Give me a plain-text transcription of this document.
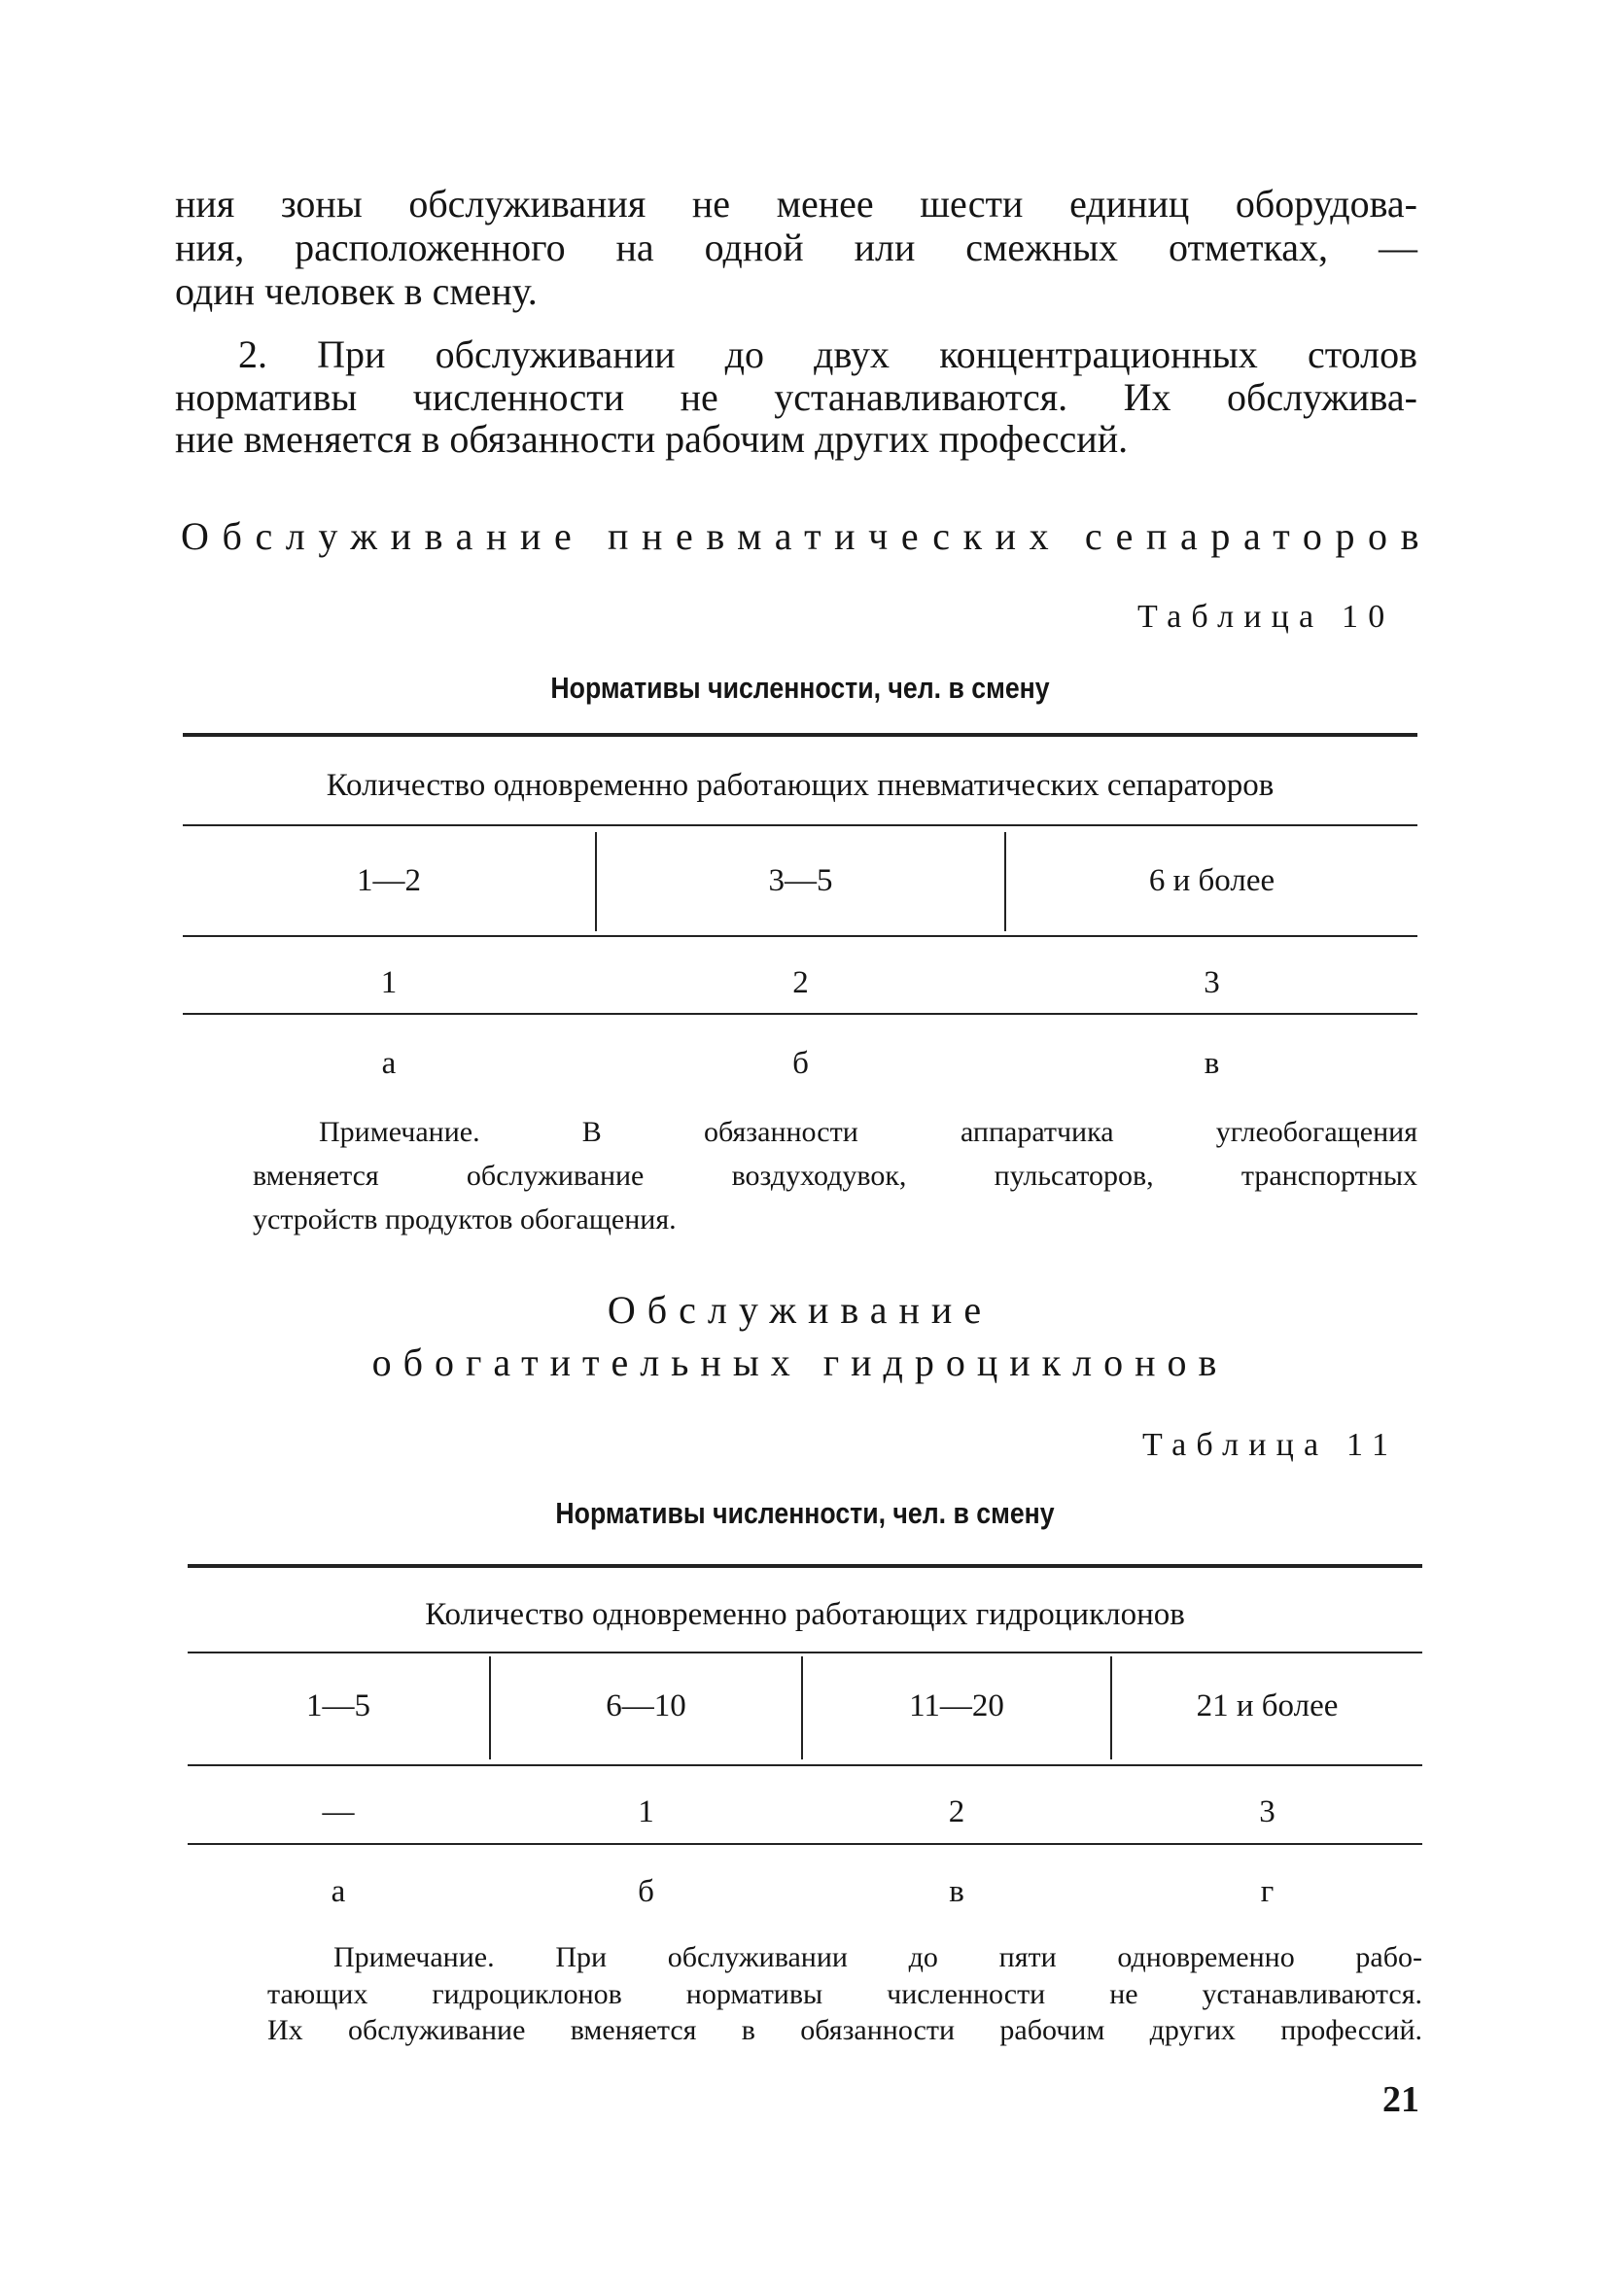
ния зоны обслуживания не менее шести единиц оборудова-
ния, расположенного на одной или смежных отметках, —
один человек в смену.
2. При обслуживании до двух концентрационных столов
нормативы численности не устанавливаются. Их обслужива-
ние вменяется в обязанности рабочим других профессий.
Обслуживание пневматических сепараторов
Таблица 10
Нормативы численности, чел. в смену
Количество одновременно работающих пневматических сепараторов
1—2	3—5	6 и более
1	2	3
а	б	в
Примечание. В обязанности аппаратчика углеобогащения
вменяется обслуживание воздуходувок, пульсаторов, транспортных
устройств продуктов обогащения.
Обслуживание
обогатительных гидроциклонов
Таблица 11
Нормативы численности, чел. в смену
Количество одновременно работающих гидроциклонов
1—5	6—10	11—20	21 и более
—	1	2	3
а	б	в	г
Примечание. При обслуживании до пяти одновременно рабо-
тающих гидроциклонов нормативы численности не устанавливаются.
Их обслуживание вменяется в обязанности рабочим других профессий.
21
